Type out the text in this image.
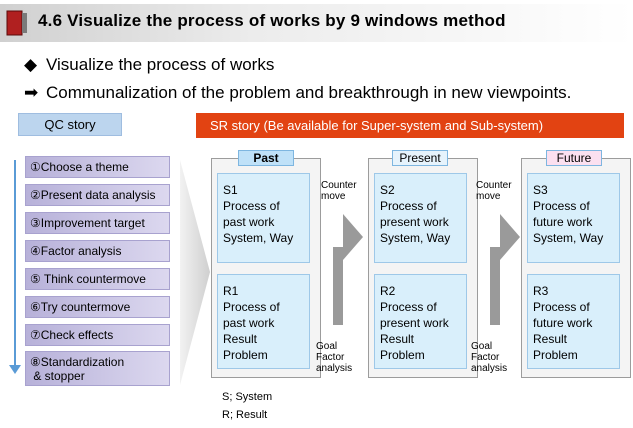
4.6 Visualize the process of works by 9 windows method
◆ Visualize the process of works
➡ Communalization of the problem and breakthrough in new viewpoints.
QC story	SR story (Be available for Super-system and Sub-system)
①Choose a theme
②Present data analysis
③Improvement target
④Factor analysis
⑤ Think countermove
⑥Try countermove
⑦Check effects
⑧Standardization
& stopper
Past
S1
Process of
past work
System, Way
R1
Process of
past work
Result
Problem
Present
S2
Process of
present work
System, Way
R2
Process of
present work
Result
Problem
Future
S3
Process of
future work
System, Way
R3
Process of
future work
Result
Problem
Counter
move
Counter
move
Goal
Factor
analysis
Goal
Factor
analysis
S; System
R; Result
